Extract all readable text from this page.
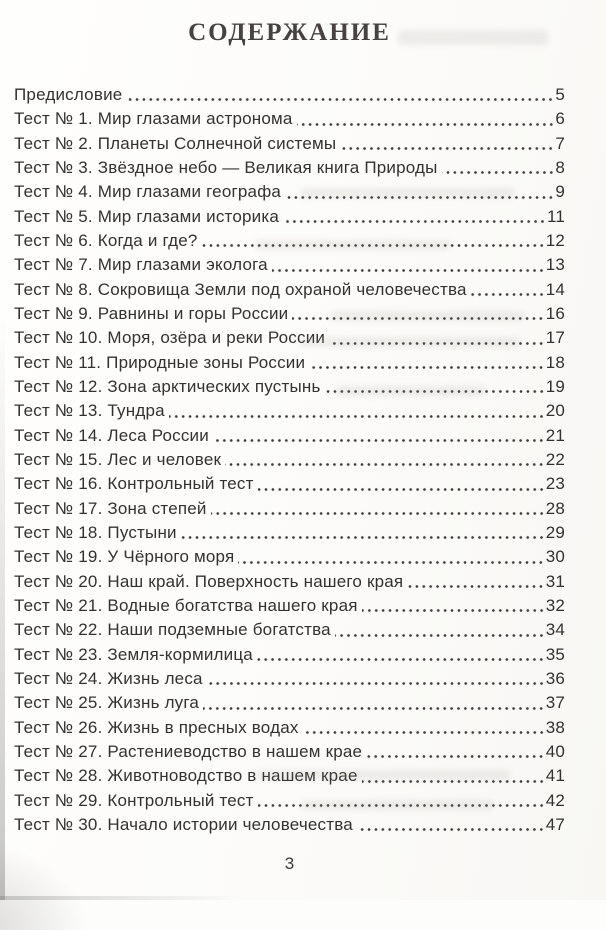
СОДЕРЖАНИЕ
Предисловие	5
Тест № 1. Мир глазами астронома	6
Тест № 2. Планеты Солнечной системы	7
Тест № 3. Звёздное небо — Великая книга Природы	8
Тест № 4. Мир глазами географа	9
Тест № 5. Мир глазами историка	11
Тест № 6. Когда и где?	12
Тест № 7. Мир глазами эколога	13
Тест № 8. Сокровища Земли под охраной человечества	14
Тест № 9. Равнины и горы России	16
Тест № 10. Моря, озёра и реки России	17
Тест № 11. Природные зоны России	18
Тест № 12. Зона арктических пустынь	19
Тест № 13. Тундра	20
Тест № 14. Леса России	21
Тест № 15. Лес и человек	22
Тест № 16. Контрольный тест	23
Тест № 17. Зона степей	28
Тест № 18. Пустыни	29
Тест № 19. У Чёрного моря	30
Тест № 20. Наш край. Поверхность нашего края	31
Тест № 21. Водные богатства нашего края	32
Тест № 22. Наши подземные богатства	34
Тест № 23. Земля-кормилица	35
Тест № 24. Жизнь леса	36
Тест № 25. Жизнь луга	37
Тест № 26. Жизнь в пресных водах	38
Тест № 27. Растениеводство в нашем крае	40
Тест № 28. Животноводство в нашем крае	41
Тест № 29. Контрольный тест	42
Тест № 30. Начало истории человечества	47
3
